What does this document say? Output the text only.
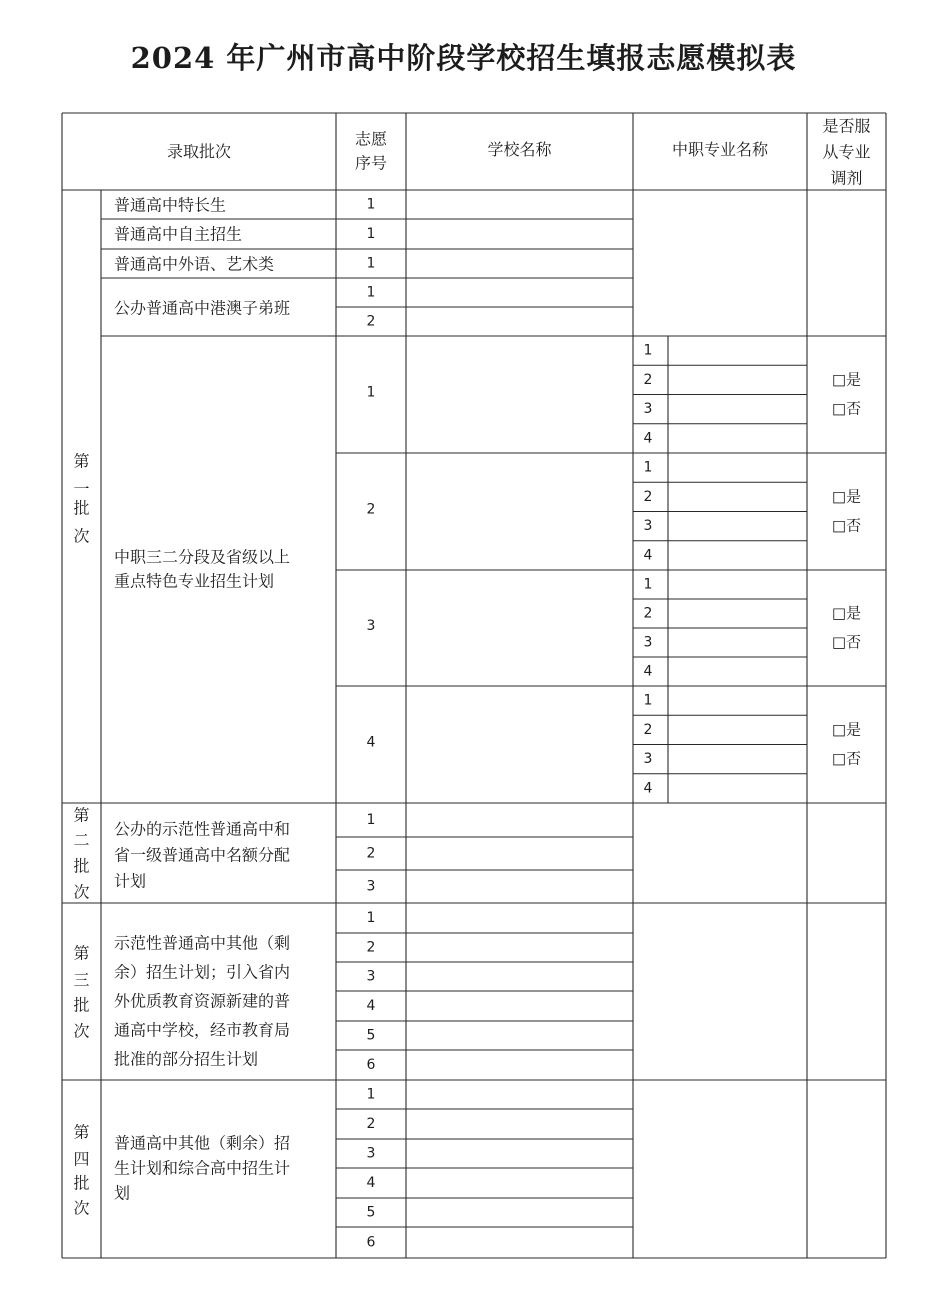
2024 年广州市高中阶段学校招生填报志愿模拟表
录取批次
志愿
序号
学校名称	中职专业名称
是否服
从专业
调剂
第
一
批
次
第
二
批
次
第
三
批
次
第
四
批
次
普通高中特长生
普通高中自主招生
普通高中外语、艺术类
公办普通高中港澳子弟班
中职三二分段及省级以上
重点特色专业招生计划
公办的示范性普通高中和
省一级普通高中名额分配
计划
示范性普通高中其他（剩
余）招生计划；引入省内
外优质教育资源新建的普
通高中学校，经市教育局
批准的部分招生计划
普通高中其他（剩余）招
生计划和综合高中招生计
划
1
1
1
1
2
1
2
3
1
2
3
4
5
6
1
2
3
4
5
6
1
1
2
3
4
□是
□否
2
1
2
3
4
□是
□否
3
1
2
3
4
□是
□否
4
1
2
3
4
□是
□否
